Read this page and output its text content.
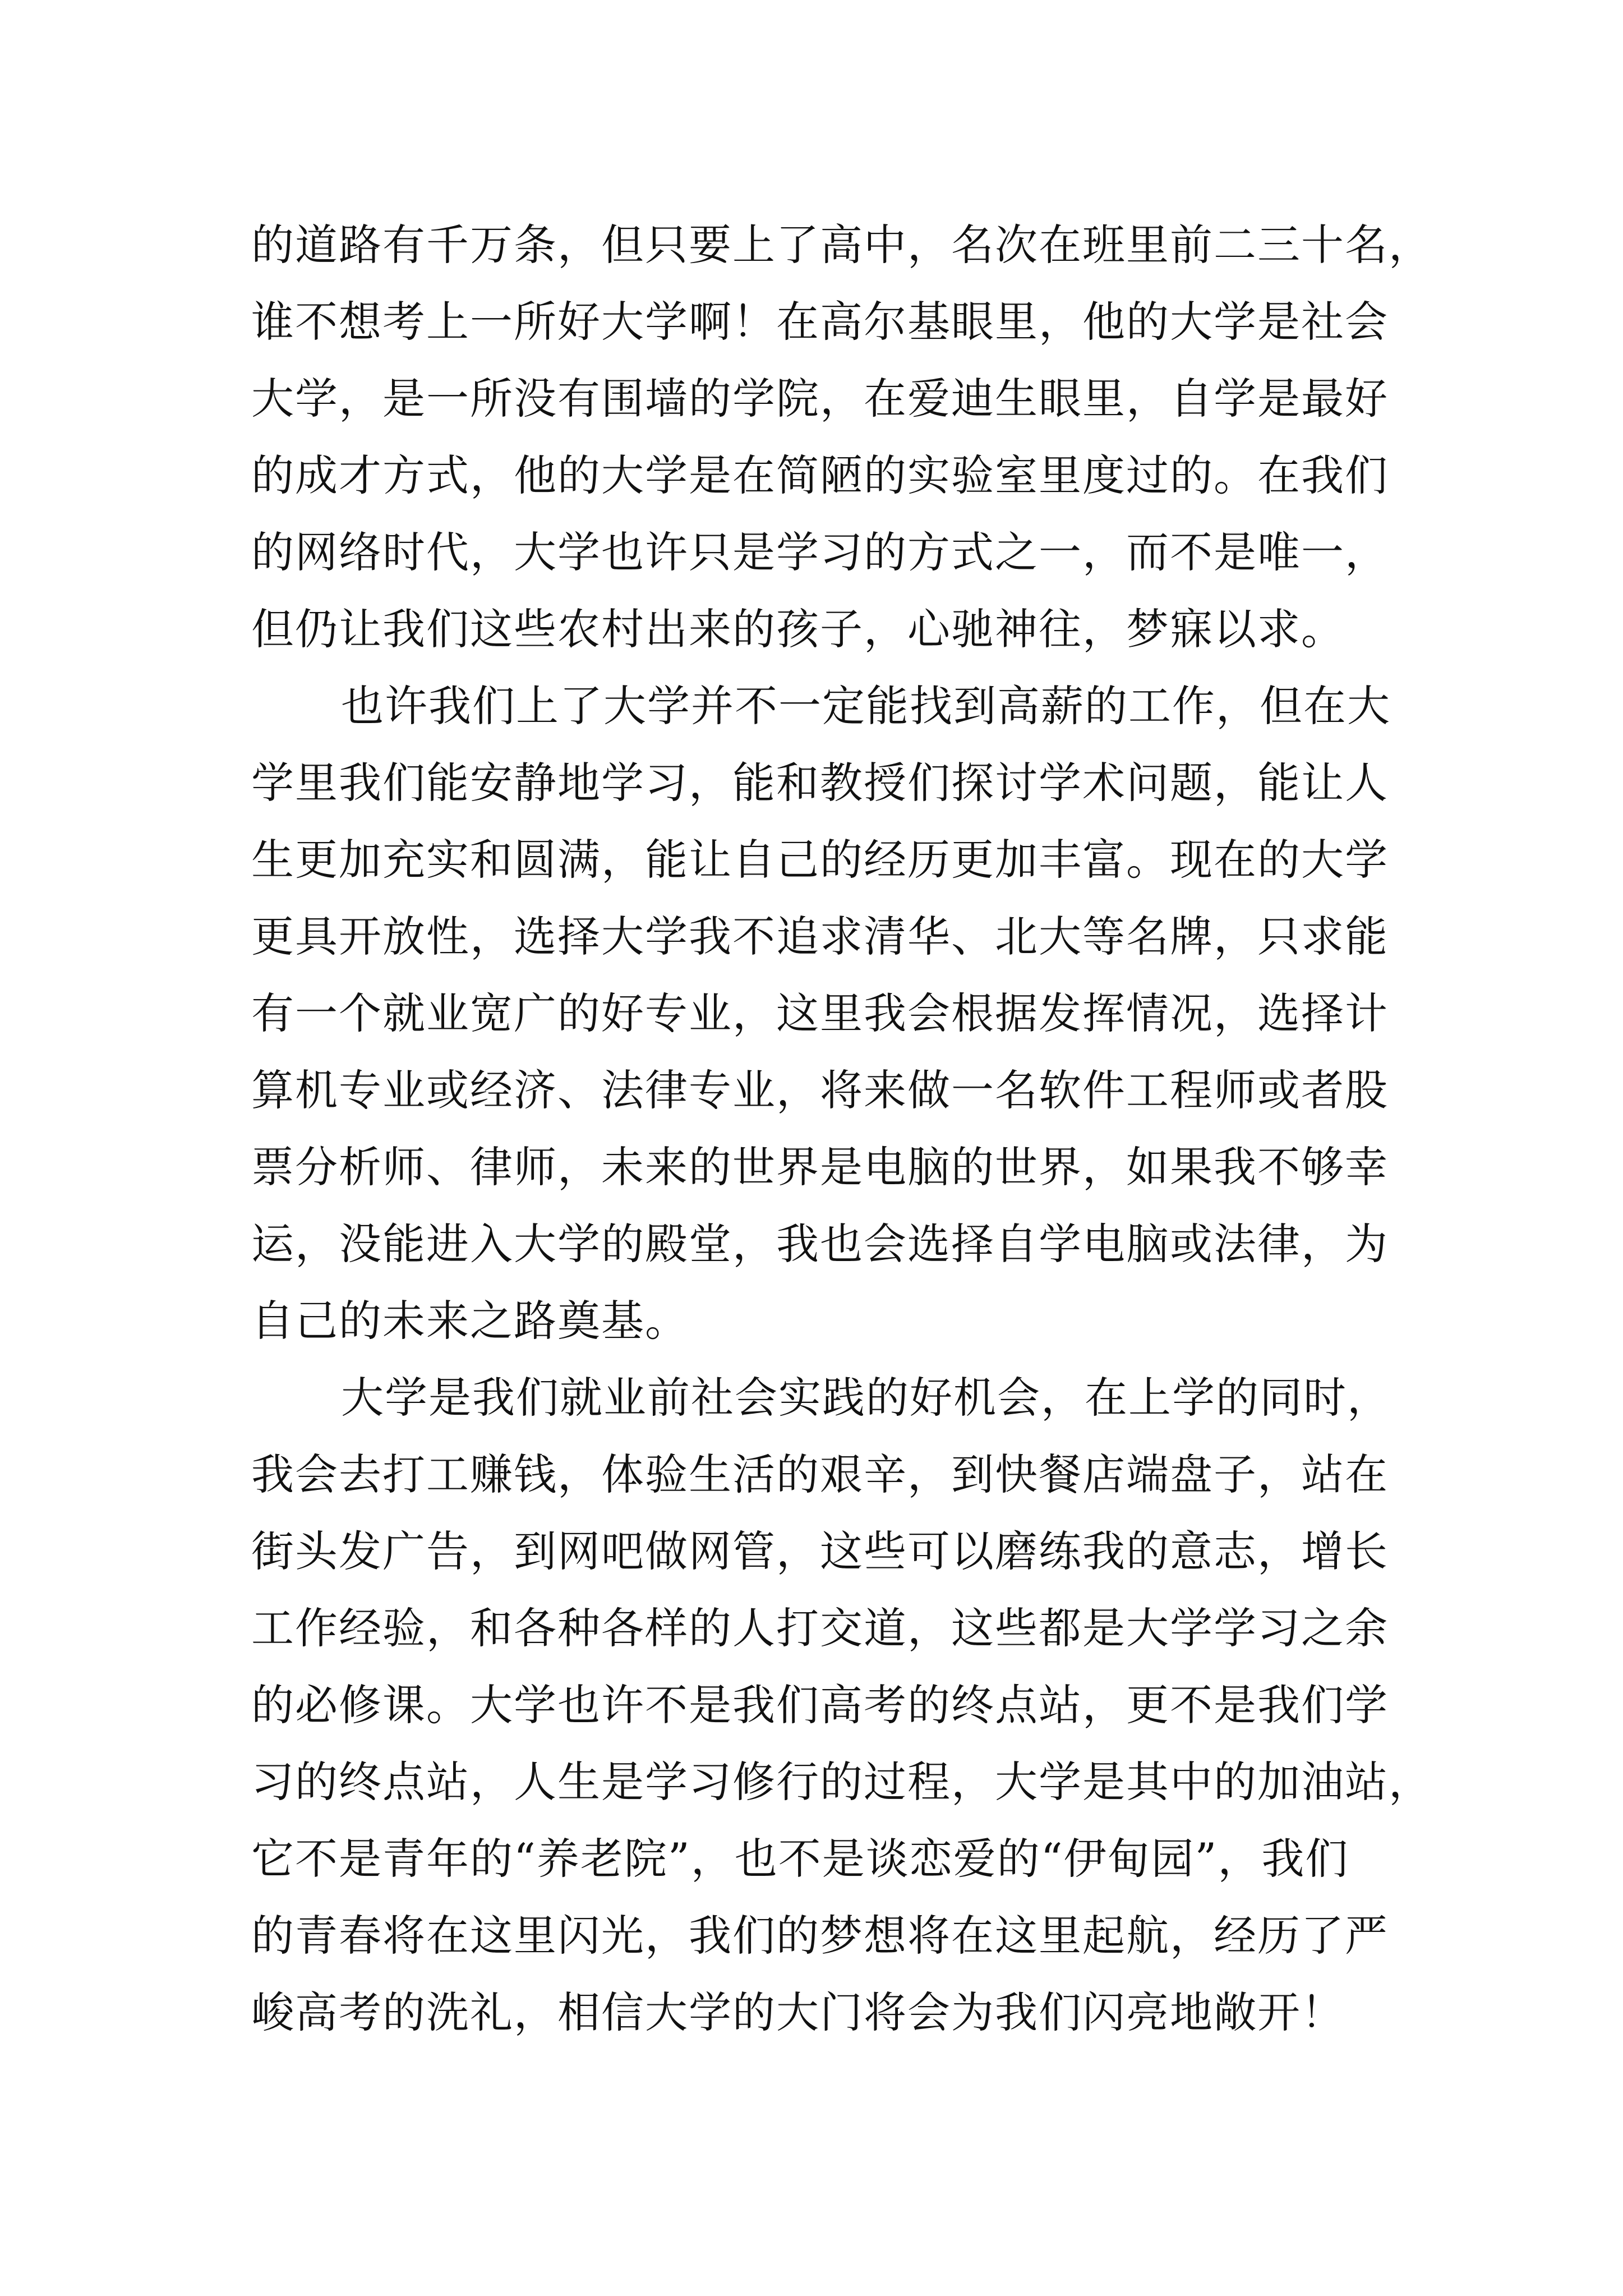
的道路有千万条，但只要上了高中，名次在班里前二三十名，
谁不想考上一所好大学啊！在高尔基眼里，他的大学是社会
大学，是一所没有围墙的学院，在爱迪生眼里，自学是最好
的成才方式，他的大学是在简陋的实验室里度过的。在我们
的网络时代，大学也许只是学习的方式之一，而不是唯一，
但仍让我们这些农村出来的孩子，心驰神往，梦寐以求。
也许我们上了大学并不一定能找到高薪的工作，但在大
学里我们能安静地学习，能和教授们探讨学术问题，能让人
生更加充实和圆满，能让自己的经历更加丰富。现在的大学
更具开放性，选择大学我不追求清华、北大等名牌，只求能
有一个就业宽广的好专业，这里我会根据发挥情况，选择计
算机专业或经济、法律专业，将来做一名软件工程师或者股
票分析师、律师，未来的世界是电脑的世界，如果我不够幸
运，没能进入大学的殿堂，我也会选择自学电脑或法律，为
自己的未来之路奠基。
大学是我们就业前社会实践的好机会，在上学的同时，
我会去打工赚钱，体验生活的艰辛，到快餐店端盘子，站在
街头发广告，到网吧做网管，这些可以磨练我的意志，增长
工作经验，和各种各样的人打交道，这些都是大学学习之余
的必修课。大学也许不是我们高考的终点站，更不是我们学
习的终点站，人生是学习修行的过程，大学是其中的加油站，
它不是青年的“养老院”，也不是谈恋爱的“伊甸园”，我们
的青春将在这里闪光，我们的梦想将在这里起航，经历了严
峻高考的洗礼，相信大学的大门将会为我们闪亮地敞开！
